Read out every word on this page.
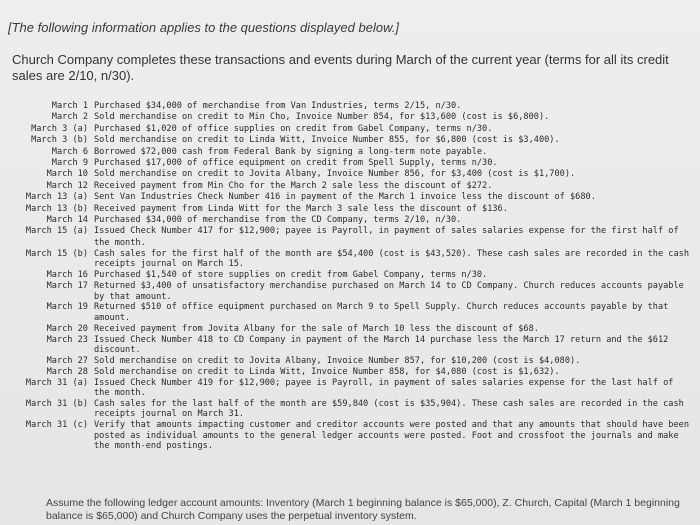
[The following information applies to the questions displayed below.]
Church Company completes these transactions and events during March of the current year (terms for all its credit sales are 2/10, n/30).
March 1 Purchased $34,000 of merchandise from Van Industries, terms 2/15, n/30.
March 2 Sold merchandise on credit to Min Cho, Invoice Number 854, for $13,600 (cost is $6,800).
March 3 (a) Purchased $1,020 of office supplies on credit from Gabel Company, terms n/30.
March 3 (b) Sold merchandise on credit to Linda Witt, Invoice Number 855, for $6,800 (cost is $3,400).
March 6 Borrowed $72,000 cash from Federal Bank by signing a long-term note payable.
March 9 Purchased $17,000 of office equipment on credit from Spell Supply, terms n/30.
March 10 Sold merchandise on credit to Jovita Albany, Invoice Number 856, for $3,400 (cost is $1,700).
March 12 Received payment from Min Cho for the March 2 sale less the discount of $272.
March 13 (a) Sent Van Industries Check Number 416 in payment of the March 1 invoice less the discount of $680.
March 13 (b) Received payment from Linda Witt for the March 3 sale less the discount of $136.
March 14 Purchased $34,000 of merchandise from the CD Company, terms 2/10, n/30.
March 15 (a) Issued Check Number 417 for $12,900; payee is Payroll, in payment of sales salaries expense for the first half of the month.
March 15 (b) Cash sales for the first half of the month are $54,400 (cost is $43,520). These cash sales are recorded in the cash receipts journal on March 15.
March 16 Purchased $1,540 of store supplies on credit from Gabel Company, terms n/30.
March 17 Returned $3,400 of unsatisfactory merchandise purchased on March 14 to CD Company. Church reduces accounts payable by that amount.
March 19 Returned $510 of office equipment purchased on March 9 to Spell Supply. Church reduces accounts payable by that amount.
March 20 Received payment from Jovita Albany for the sale of March 10 less the discount of $68.
March 23 Issued Check Number 418 to CD Company in payment of the March 14 purchase less the March 17 return and the $612 discount.
March 27 Sold merchandise on credit to Jovita Albany, Invoice Number 857, for $10,200 (cost is $4,080).
March 28 Sold merchandise on credit to Linda Witt, Invoice Number 858, for $4,080 (cost is $1,632).
March 31 (a) Issued Check Number 419 for $12,900; payee is Payroll, in payment of sales salaries expense for the last half of the month.
March 31 (b) Cash sales for the last half of the month are $59,840 (cost is $35,904). These cash sales are recorded in the cash receipts journal on March 31.
March 31 (c) Verify that amounts impacting customer and creditor accounts were posted and that any amounts that should have been posted as individual amounts to the general ledger accounts were posted. Foot and crossfoot the journals and make the month-end postings.
Assume the following ledger account amounts: Inventory (March 1 beginning balance is $65,000), Z. Church, Capital (March 1 beginning balance is $65,000) and Church Company uses the perpetual inventory system.
